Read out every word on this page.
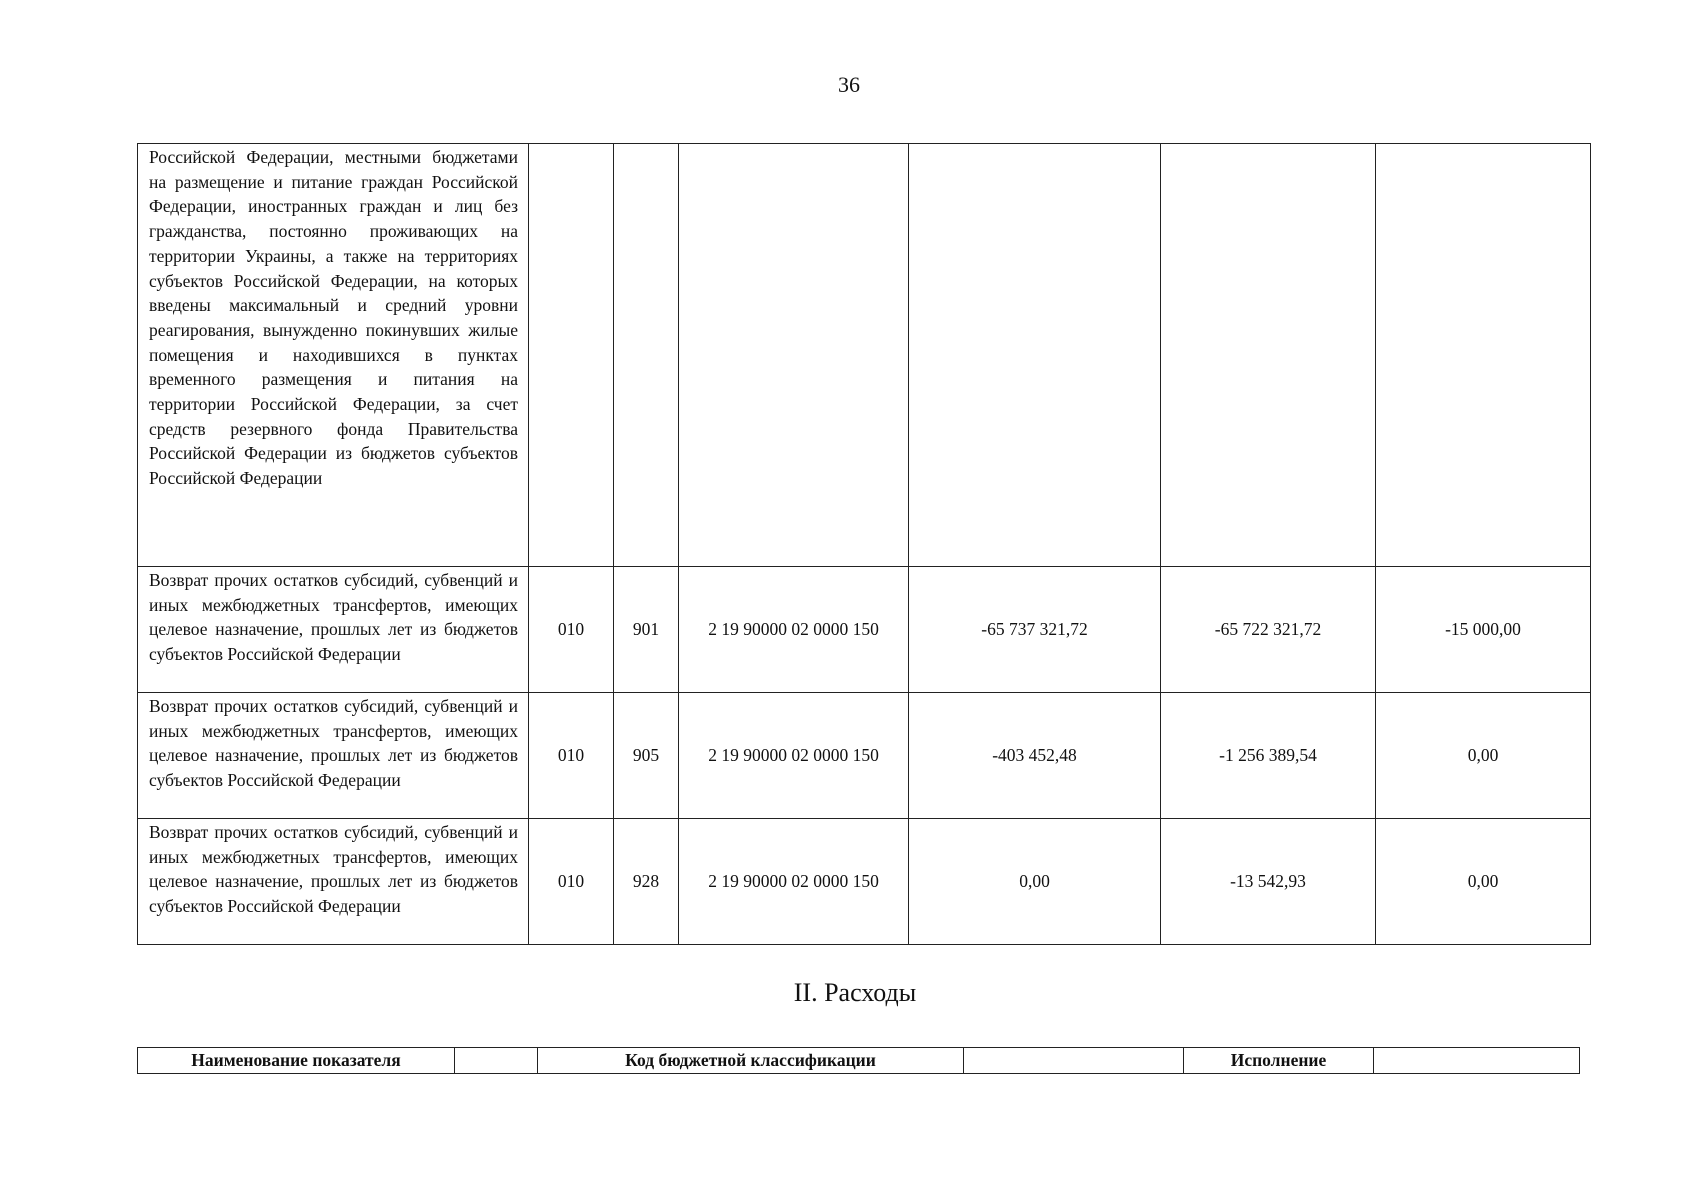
36
Российской Федерации, местными бюджетами на размещение и питание граждан Российской Федерации, иностранных граждан и лиц без гражданства, постоянно проживающих на территории Украины, а также на территориях субъектов Российской Федерации, на которых введены максимальный и средний уровни реагирования, вынужденно покинувших жилые помещения и находившихся в пунктах временного размещения и питания на территории Российской Федерации, за счет средств резервного фонда Правительства Российской Федерации из бюджетов субъектов
Российской Федерации						

Возврат прочих остатков субсидий, субвенций и иных межбюджетных трансфертов, имеющих целевое назначение, прошлых лет из бюджетов
субъектов Российской Федерации	010	901	2 19 90000 02 0000 150	-65 737 321,72	-65 722 321,72	-15 000,00

Возврат прочих остатков субсидий, субвенций и иных межбюджетных трансфертов, имеющих целевое назначение, прошлых лет из бюджетов
субъектов Российской Федерации	010	905	2 19 90000 02 0000 150	-403 452,48	-1 256 389,54	0,00

Возврат прочих остатков субсидий, субвенций и иных межбюджетных трансфертов, имеющих целевое назначение, прошлых лет из бюджетов
субъектов Российской Федерации	010	928	2 19 90000 02 0000 150	0,00	-13 542,93	0,00
II. Расходы
Наименование показателя		Код бюджетной классификации		Исполнение	
